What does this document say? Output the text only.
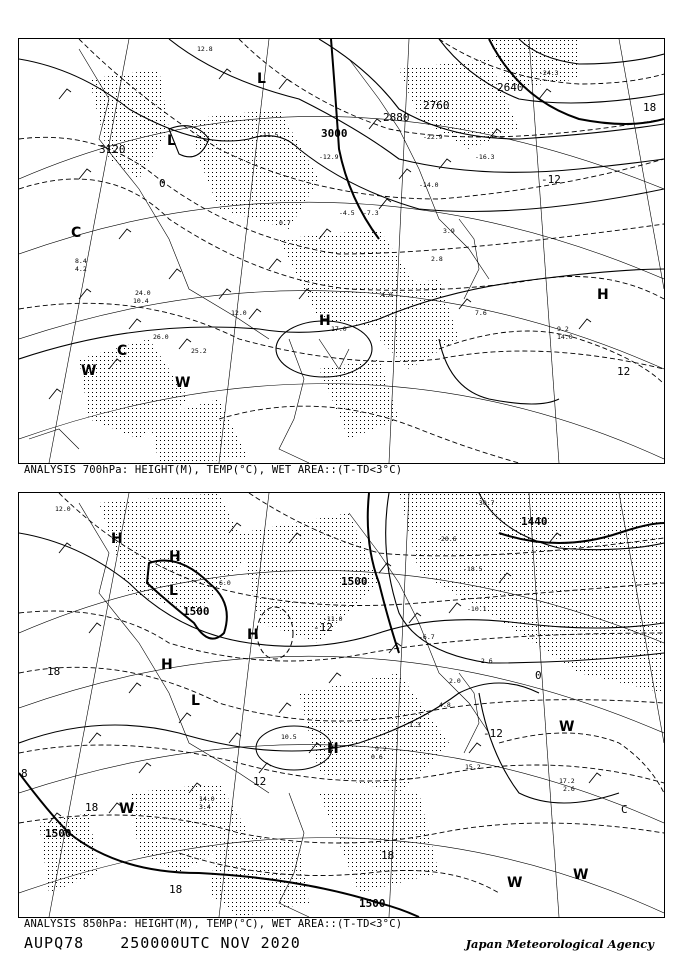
3120
3000
2880
2760
2640
0	-12
12
18
L
L
C
H
H
W
W
C
12.8
-11.5
-14.0
-16.3
-22.9
-24.3
-7.3
4.0
17.0
7.6
9.2
10.4
12.0
24.0
26.0
25.2
4.2
8.4
-4.5
-12.9
0.7
2.8
3.9
14.0
ANALYSIS 700hPa: HEIGHT(M), TEMP(°C), WET AREA::(T-TD<3°C)
1500
1500
1500
1500
1440
-12
0
-12
18
18
18
18
12
C
8
H
H
L
H
H
L
H
W
W	W
W
-30.7
-20.6
-18.5
-10.1
-6.7
-2.6
2.0
4.8
9.2
15.2
17.2
2.6
14.0
3.4
12.0
6.0
-11.0
10.5
0.6
1.3
ANALYSIS 850hPa: HEIGHT(M), TEMP(°C), WET AREA::(T-TD<3°C)
AUPQ78 250000UTC NOV 2020	Japan Meteorological Agency
